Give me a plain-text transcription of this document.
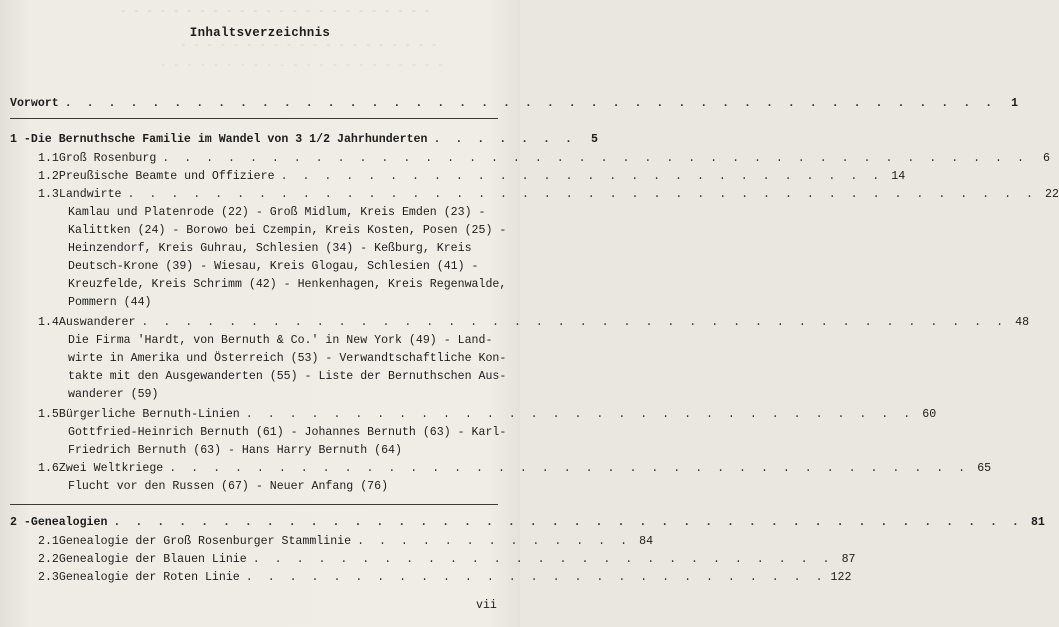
- - - - - - - - - - - - - - - - - - - - - - - -
- - - - - - - - - - - - - - - - - - - -
- - - - - - - - - - - - - - - - - - - - - -
Inhaltsverzeichnis
Vorwort . . . . . . . . . . . . . . . . . . . . . . . . . . . . . . . . . . . . . . . . . . .	1
1 - Die Bernuthsche Familie im Wandel von 3 1/2 Jahrhunderten . . . . . . .	5
1.1 Groß Rosenburg . . . . . . . . . . . . . . . . . . . . . . . . . . . . . . . . . . . . . . . .	6
1.2 Preußische Beamte und Offiziere . . . . . . . . . . . . . . . . . . . . . . . . . . . . 14
1.3 Landwirte . . . . . . . . . . . . . . . . . . . . . . . . . . . . . . . . . . . . . . . . . . 22
Kamlau und Platenrode (22) - Groß Midlum, Kreis Emden (23) -
Kalittken (24) - Borowo bei Czempin, Kreis Kosten, Posen (25) -
Heinzendorf, Kreis Guhrau, Schlesien (34) - Keßburg, Kreis
Deutsch-Krone (39) - Wiesau, Kreis Glogau, Schlesien (41) -
Kreuzfelde, Kreis Schrimm (42) - Henkenhagen, Kreis Regenwalde,
Pommern (44)
1.4 Auswanderer . . . . . . . . . . . . . . . . . . . . . . . . . . . . . . . . . . . . . . . . 48
Die Firma 'Hardt, von Bernuth & Co.' in New York (49) - Land-
wirte in Amerika und Österreich (53) - Verwandtschaftliche Kon-
takte mit den Ausgewanderten (55) - Liste der Bernuthschen Aus-
wanderer (59)
1.5 Bürgerliche Bernuth-Linien . . . . . . . . . . . . . . . . . . . . . . . . . . . . . . . 60
Gottfried-Heinrich Bernuth (61) - Johannes Bernuth (63) - Karl-
Friedrich Bernuth (63) - Hans Harry Bernuth (64)
1.6 Zwei Weltkriege . . . . . . . . . . . . . . . . . . . . . . . . . . . . . . . . . . . . . 65
Flucht vor den Russen (67) - Neuer Anfang (76)
2 - Genealogien . . . . . . . . . . . . . . . . . . . . . . . . . . . . . . . . . . . . . . . . . . 81
2.1 Genealogie der Groß Rosenburger Stammlinie . . . . . . . . . . . . . 84
2.2 Genealogie der Blauen Linie . . . . . . . . . . . . . . . . . . . . . . . . . . . 87
2.3 Genealogie der Roten Linie . . . . . . . . . . . . . . . . . . . . . . . . . . . 122
vii
